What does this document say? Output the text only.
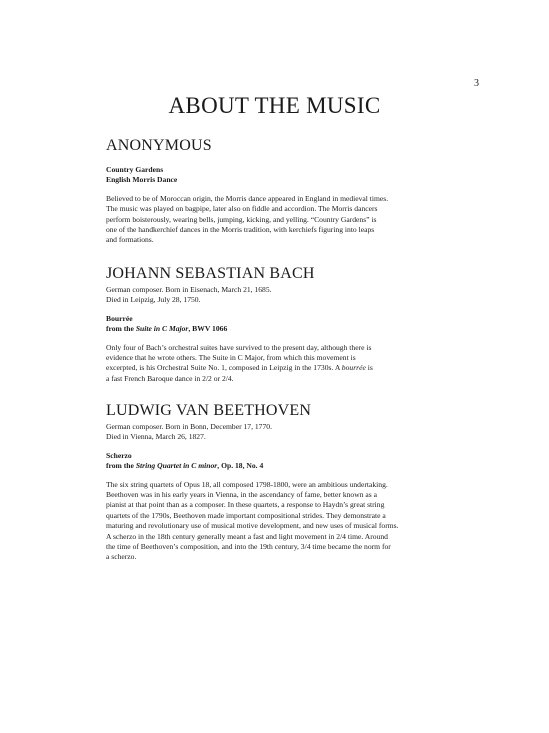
3
ABOUT THE MUSIC
ANONYMOUS

Country Gardens
English Morris Dance

Believed to be of Moroccan origin, the Morris dance appeared in England in medieval times.
The music was played on bagpipe, later also on fiddle and accordion. The Morris dancers
perform boisterously, wearing bells, jumping, kicking, and yelling. “Country Gardens” is
one of the handkerchief dances in the Morris tradition, with kerchiefs figuring into leaps
and formations.

JOHANN SEBASTIAN BACH

German composer. Born in Eisenach, March 21, 1685.
Died in Leipzig, July 28, 1750.

Bourrée
from the Suite in C Major, BWV 1066

Only four of Bach’s orchestral suites have survived to the present day, although there is
evidence that he wrote others. The Suite in C Major, from which this movement is
excerpted, is his Orchestral Suite No. 1, composed in Leipzig in the 1730s. A bourrée is
a fast French Baroque dance in 2/2 or 2/4.

LUDWIG VAN BEETHOVEN

German composer. Born in Bonn, December 17, 1770.
Died in Vienna, March 26, 1827.

Scherzo
from the String Quartet in C minor, Op. 18, No. 4

The six string quartets of Opus 18, all composed 1798-1800, were an ambitious undertaking.
Beethoven was in his early years in Vienna, in the ascendancy of fame, better known as a
pianist at that point than as a composer. In these quartets, a response to Haydn’s great string
quartets of the 1790s, Beethoven made important compositional strides. They demonstrate a
maturing and revolutionary use of musical motive development, and new uses of musical forms.
A scherzo in the 18th century generally meant a fast and light movement in 2/4 time. Around
the time of Beethoven’s composition, and into the 19th century, 3/4 time became the norm for
a scherzo.
